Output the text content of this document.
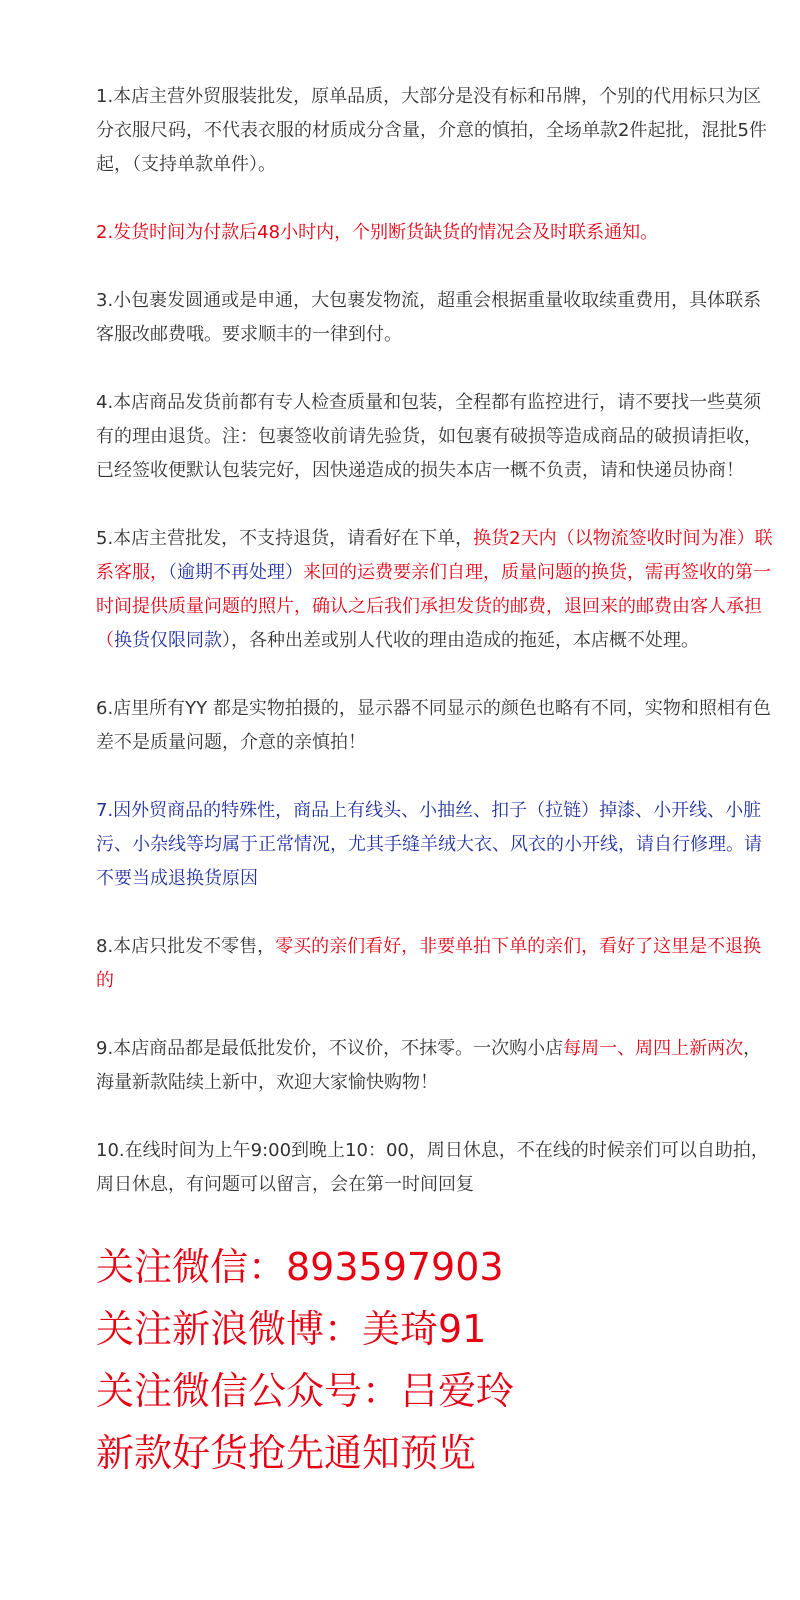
1.本店主营外贸服装批发，原单品质，大部分是没有标和吊牌，个别的代用标只为区分衣服尺码，不代表衣服的材质成分含量，介意的慎拍，全场单款2件起批，混批5件起，（支持单款单件）。

2.发货时间为付款后48小时内，个别断货缺货的情况会及时联系通知。

3.小包裹发圆通或是申通，大包裹发物流，超重会根据重量收取续重费用，具体联系客服改邮费哦。要求顺丰的一律到付。

4.本店商品发货前都有专人检查质量和包装，全程都有监控进行，请不要找一些莫须有的理由退货。注：包裹签收前请先验货，如包裹有破损等造成商品的破损请拒收，已经签收便默认包装完好，因快递造成的损失本店一概不负责，请和快递员协商！

5.本店主营批发，不支持退货，请看好在下单，换货2天内（以物流签收时间为准）联系客服，（逾期不再处理）来回的运费要亲们自理，质量问题的换货，需再签收的第一时间提供质量问题的照片，确认之后我们承担发货的邮费，退回来的邮费由客人承担（换货仅限同款），各种出差或别人代收的理由造成的拖延，本店概不处理。

6.店里所有YY 都是实物拍摄的，显示器不同显示的颜色也略有不同，实物和照相有色差不是质量问题，介意的亲慎拍！

7.因外贸商品的特殊性，商品上有线头、小抽丝、扣子（拉链）掉漆、小开线、小脏污、小杂线等均属于正常情况，尤其手缝羊绒大衣、风衣的小开线，请自行修理。请不要当成退换货原因

8.本店只批发不零售，零买的亲们看好，非要单拍下单的亲们，看好了这里是不退换的

9.本店商品都是最低批发价，不议价，不抹零。一次购小店每周一、周四上新两次，海量新款陆续上新中，欢迎大家愉快购物！

10.在线时间为上午9:00到晚上10：00，周日休息，不在线的时候亲们可以自助拍，周日休息，有问题可以留言，会在第一时间回复

关注微信：893597903

关注新浪微博：美琦91

关注微信公众号：吕爱玲

新款好货抢先通知预览
